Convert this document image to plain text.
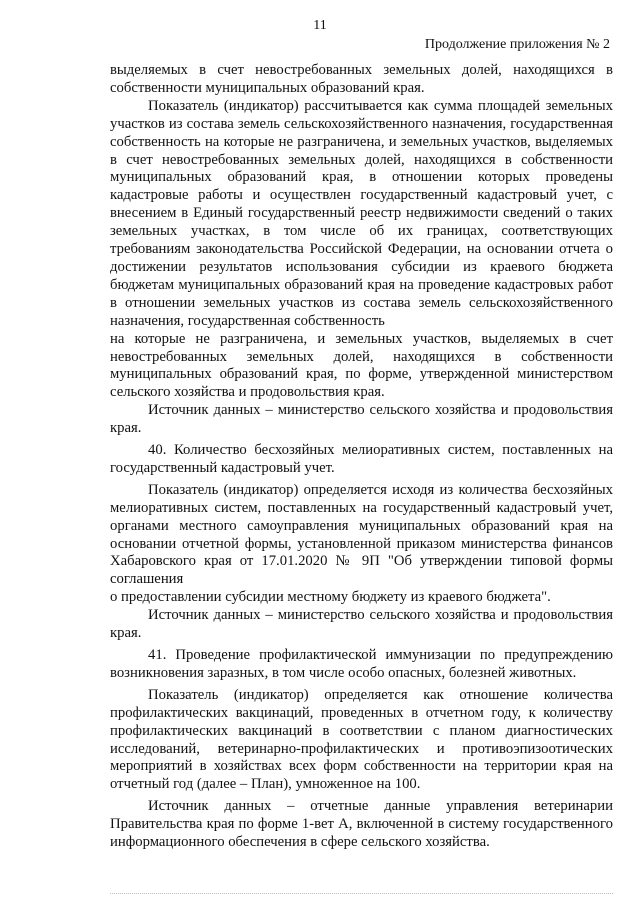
11
Продолжение приложения № 2

выделяемых в счет невостребованных земельных долей, находящихся в собственности муниципальных образований края.

Показатель (индикатор) рассчитывается как сумма площадей земельных участков из состава земель сельскохозяйственного назначения, государственная собственность на которые не разграничена, и земельных участков, выделяемых в счет невостребованных земельных долей, находящихся в собственности муниципальных образований края, в отношении которых проведены кадастровые работы и осуществлен государственный кадастровый учет, с внесением в Единый государственный реестр недвижимости сведений о таких земельных участках, в том числе об их границах, соответствующих требованиям законодательства Российской Федерации, на основании отчета о достижении результатов использования субсидии из краевого бюджета бюджетам муниципальных образований края на проведение кадастровых работ в отношении земельных участков из состава земель сельскохозяйственного назначения, государственная собственность

на которые не разграничена, и земельных участков, выделяемых в счет невостребованных земельных долей, находящихся в собственности муниципальных образований края, по форме, утвержденной министерством сельского хозяйства и продовольствия края.

Источник данных – министерство сельского хозяйства и продовольствия края.

40. Количество бесхозяйных мелиоративных систем, поставленных на государственный кадастровый учет.

Показатель (индикатор) определяется исходя из количества бесхозяйных мелиоративных систем, поставленных на государственный кадастровый учет, органами местного самоуправления муниципальных образований края на основании отчетной формы, установленной приказом министерства финансов Хабаровского края от 17.01.2020 № 9П "Об утверждении типовой формы соглашения

о предоставлении субсидии местному бюджету из краевого бюджета".

Источник данных – министерство сельского хозяйства и продовольствия края.

41. Проведение профилактической иммунизации по предупреждению возникновения заразных, в том числе особо опасных, болезней животных.

Показатель (индикатор) определяется как отношение количества профилактических вакцинаций, проведенных в отчетном году, к количеству профилактических вакцинаций в соответствии с планом диагностических исследований, ветеринарно-профилактических и противоэпизоотических мероприятий в хозяйствах всех форм собственности на территории края на отчетный год (далее – План), умноженное на 100.

Источник данных – отчетные данные управления ветеринарии Правительства края по форме 1-вет А, включенной в систему государственного информационного обеспечения в сфере сельского хозяйства.
